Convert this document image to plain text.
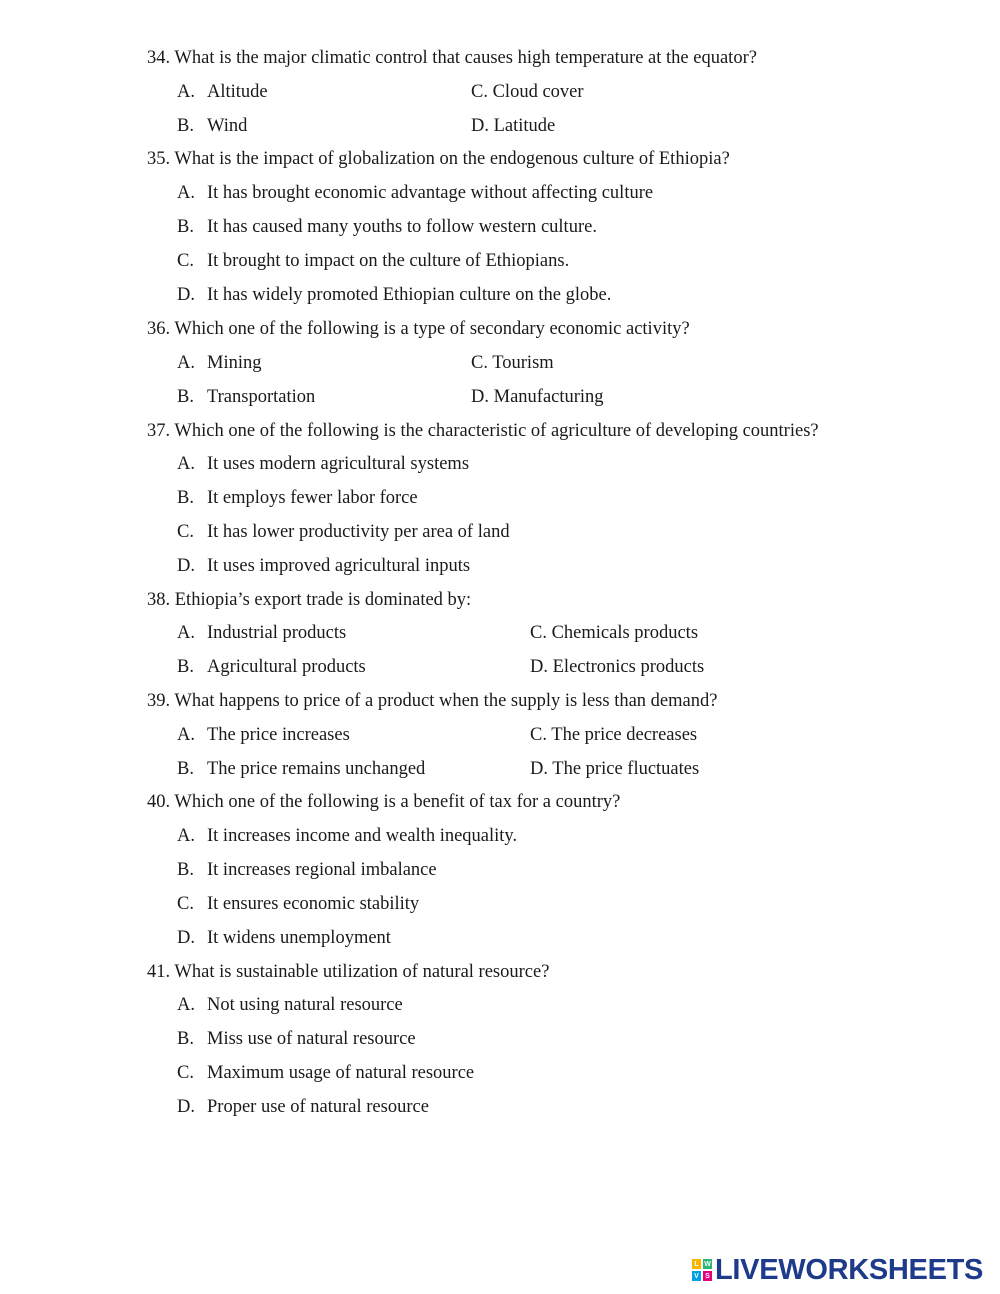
34. What is the major climatic control that causes high temperature at the equator?
A. Altitude	C. Cloud cover
B. Wind	D. Latitude
35. What is the impact of globalization on the endogenous culture of Ethiopia?
A. It has brought economic advantage without affecting culture
B. It has caused many youths to follow western culture.
C. It brought to impact on the culture of Ethiopians.
D. It has widely promoted Ethiopian culture on the globe.
36. Which one of the following is a type of secondary economic activity?
A. Mining	C. Tourism
B. Transportation	D. Manufacturing
37. Which one of the following is the characteristic of agriculture of developing countries?
A. It uses modern agricultural systems
B. It employs fewer labor force
C. It has lower productivity per area of land
D. It uses improved agricultural inputs
38. Ethiopia’s export trade is dominated by:
A. Industrial products	C. Chemicals products
B. Agricultural products	D. Electronics products
39. What happens to price of a product when the supply is less than demand?
A. The price increases	C. The price decreases
B. The price remains unchanged	D. The price fluctuates
40. Which one of the following is a benefit of tax for a country?
A. It increases income and wealth inequality.
B. It increases regional imbalance
C. It ensures economic stability
D. It widens unemployment
41. What is sustainable utilization of natural resource?
A. Not using natural resource
B. Miss use of natural resource
C. Maximum usage of natural resource
D. Proper use of natural resource
L W
V S LIVEWORKSHEETS
